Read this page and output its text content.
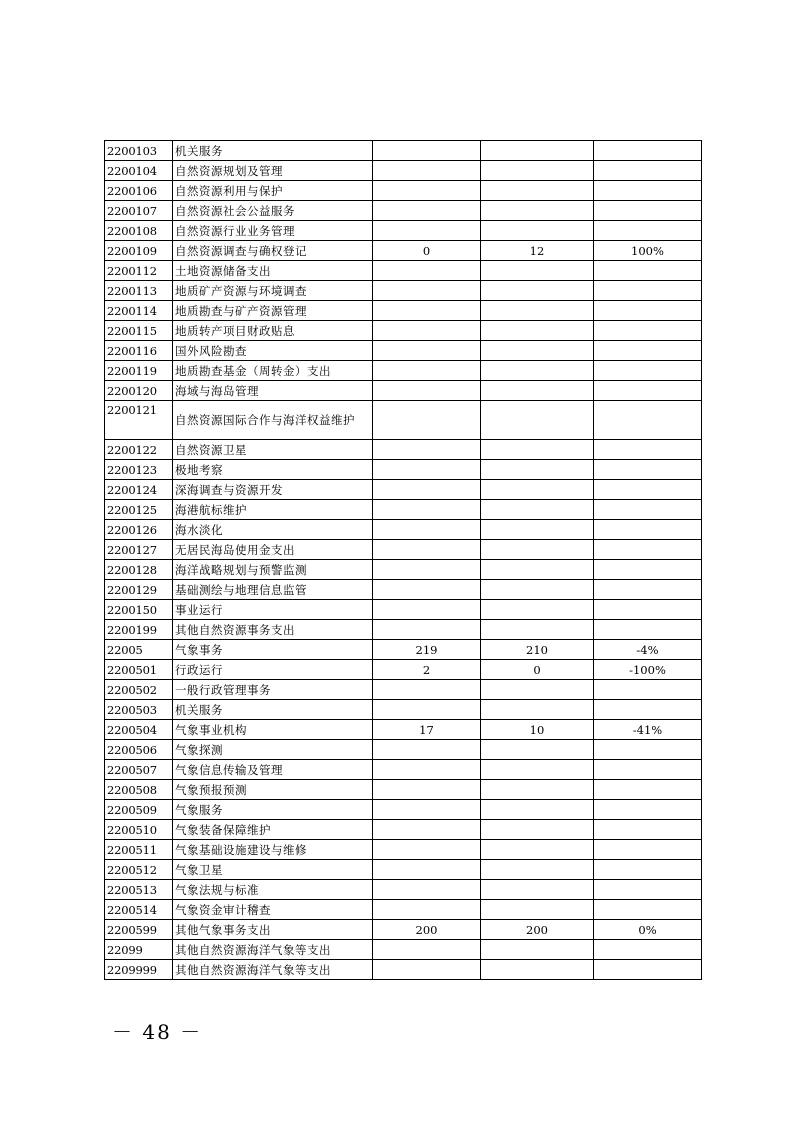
2200103	机关服务			
2200104	自然资源规划及管理			
2200106	自然资源利用与保护			
2200107	自然资源社会公益服务			
2200108	自然资源行业业务管理			
2200109	自然资源调查与确权登记	0	12	100%
2200112	土地资源储备支出			
2200113	地质矿产资源与环境调查			
2200114	地质勘查与矿产资源管理			
2200115	地质转产项目财政贴息			
2200116	国外风险勘查			
2200119	地质勘查基金（周转金）支出			
2200120	海域与海岛管理			
2200121	自然资源国际合作与海洋权益维护			
2200122	自然资源卫星			
2200123	极地考察			
2200124	深海调查与资源开发			
2200125	海港航标维护			
2200126	海水淡化			
2200127	无居民海岛使用金支出			
2200128	海洋战略规划与预警监测			
2200129	基础测绘与地理信息监管			
2200150	事业运行			
2200199	其他自然资源事务支出			
22005	气象事务	219	210	-4%
2200501	行政运行	2	0	-100%
2200502	一般行政管理事务			
2200503	机关服务			
2200504	气象事业机构	17	10	-41%
2200506	气象探测			
2200507	气象信息传输及管理			
2200508	气象预报预测			
2200509	气象服务			
2200510	气象装备保障维护			
2200511	气象基础设施建设与维修			
2200512	气象卫星			
2200513	气象法规与标准			
2200514	气象资金审计稽查			
2200599	其他气象事务支出	200	200	0%
22099	其他自然资源海洋气象等支出			
2209999	其他自然资源海洋气象等支出			
－ 48 －
